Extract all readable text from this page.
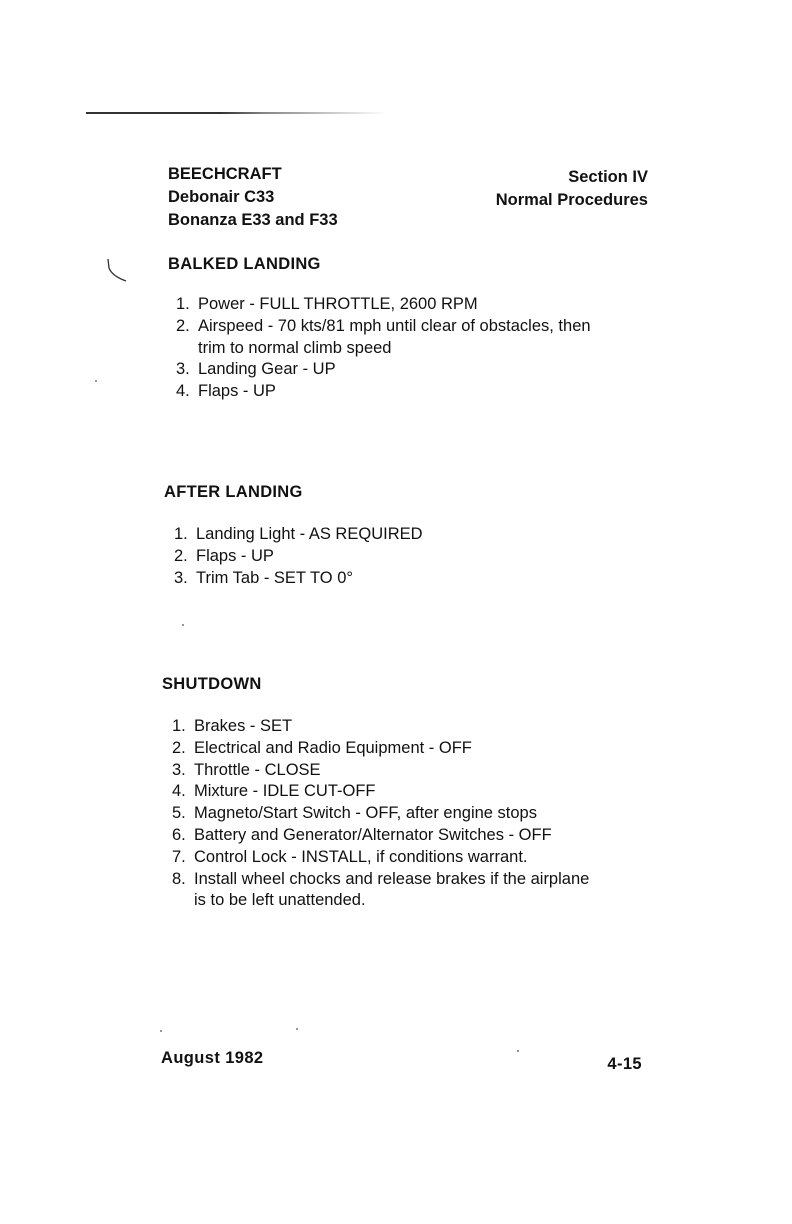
BEECHCRAFT
Debonair C33
Bonanza E33 and F33
Section IV
Normal Procedures
BALKED LANDING
1. Power - FULL THROTTLE, 2600 RPM
2. Airspeed - 70 kts/81 mph until clear of obstacles, then
trim to normal climb speed
3. Landing Gear - UP
4. Flaps - UP
AFTER LANDING
1. Landing Light - AS REQUIRED
2. Flaps - UP
3. Trim Tab - SET TO 0°
SHUTDOWN
1. Brakes - SET
2. Electrical and Radio Equipment - OFF
3. Throttle - CLOSE
4. Mixture - IDLE CUT-OFF
5. Magneto/Start Switch - OFF, after engine stops
6. Battery and Generator/Alternator Switches - OFF
7. Control Lock - INSTALL, if conditions warrant.
8. Install wheel chocks and release brakes if the airplane
is to be left unattended.
August 1982	4-15
